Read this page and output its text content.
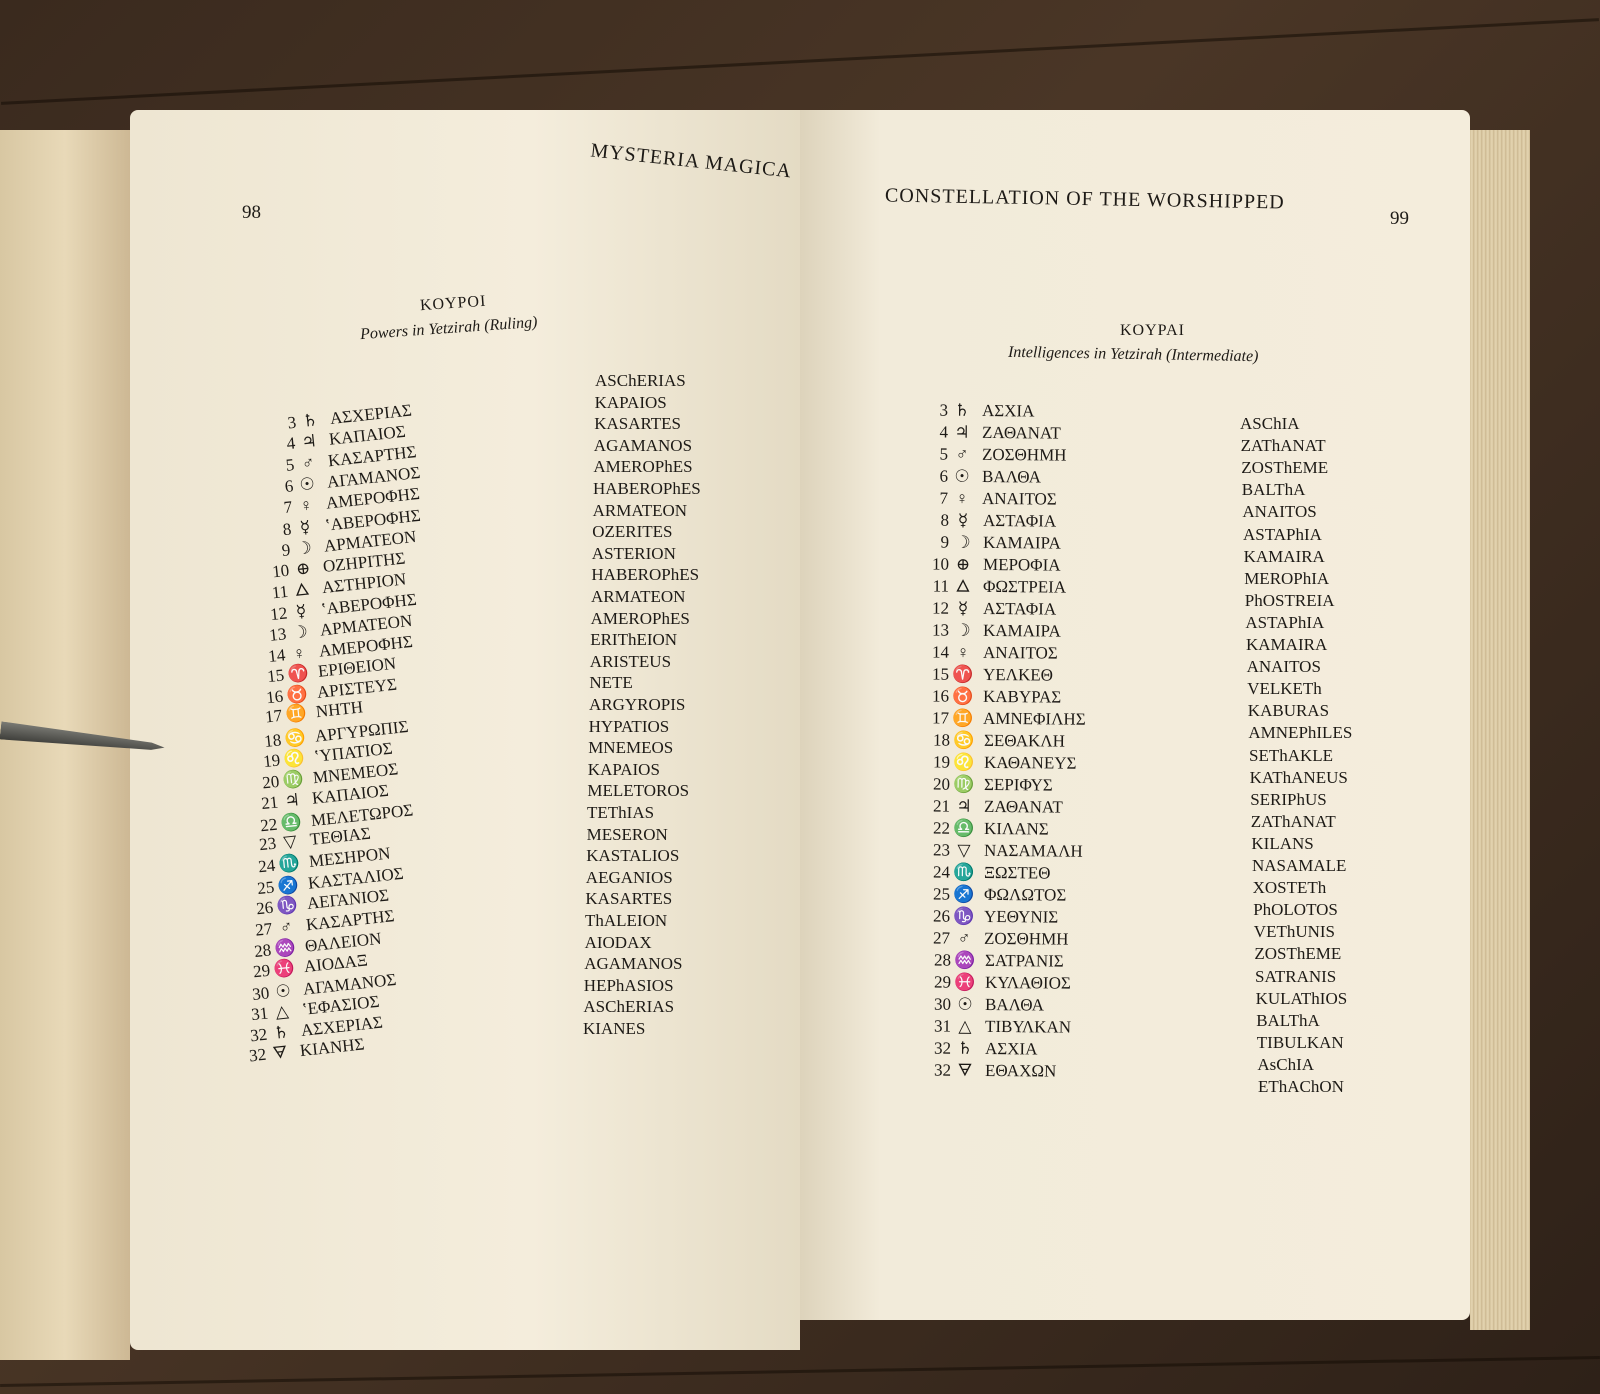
MYSTERIA MAGICA
98
KOΥPOI
Powers in Yetzirah (Ruling)
3 ♄ ΑΣΧΕΡΙΑΣ
ASChERIAS
4 ♃ ΚΑΠΑΙΟΣ
KAPAIOS
5 ♂ ΚΑΣΑΡΤΗΣ
KASARTES
6 ☉ ΑΓΑΜΑΝΟΣ
AGAMANOS
7 ♀ ΑΜΕΡΟΦΗΣ
AMEROPhES
8 ☿ ʽΑΒΕΡΟΦΗΣ
HABEROPhES
9 ☽ ΑΡΜΑΤΕΟΝ
ARMATEON
10 ⊕ ΟΖΗΡΙΤΗΣ
OZERITES
11 🜂 ΑΣΤΗΡΙΟΝ
ASTERION
12 ☿ ʽΑΒΕΡΟΦΗΣ
HABEROPhES
13 ☽ ΑΡΜΑΤΕΟΝ
ARMATEON
14 ♀ ΑΜΕΡΟΦΗΣ
AMEROPhES
15♈ ΕΡΙΘΕΙΟΝ
ERIThEION
16♉ ΑΡΙΣΤΕΥΣ
ARISTEUS
17♊ ΝΗΤΗ
NETE
18♋ ΑΡΓΥΡΩΠΙΣ
ARGYROPIS
19♌ ʽΥΠΑΤΙΟΣ
HYPATIOS
20♍ ΜΝΕΜΕΟΣ
MNEMEOS
21 ♃ ΚΑΠΑΙΟΣ
KAPAIOS
22♎ ΜΕΛΕΤΩΡΟΣ
MELETOROS
23 ▽ ΤΕΘΙΑΣ
TEThIAS
24♏ ΜΕΣΗΡΟΝ
MESERON
25♐ ΚΑΣΤΑΛΙΟΣ
KASTALIOS
26♑ ΑΕΓΑΝΙΟΣ
AEGANIOS
27 ♂ ΚΑΣΑΡΤΗΣ
KASARTES
28♒ ΘΑΛΕΙΟΝ
ThALEION
29♓ ΑΙΟΔΑΞ
AIODAX
30 ☉ ΑΓΑΜΑΝΟΣ
AGAMANOS
31 △ ʽΕΦΑΣΙΟΣ
HEPhASIOS
32 ♄ ΑΣΧΕΡΙΑΣ
ASChERIAS
32 🜃 ΚΙΑΝΗΣ
KIANES
CONSTELLATION OF THE WORSHIPPED
99
KOΥPAI
Intelligences in Yetzirah (Intermediate)
3 ♄ ΑΣΧΙΑ
ASChIA
4 ♃ ΖΑΘΑΝΑΤ
ZAThANAT
5 ♂ ΖΟΣΘΗΜΗ
ZOSThEME
6 ☉ ΒΑΛΘΑ
BALThA
7 ♀ ΑΝΑΙΤΟΣ
ANAITOS
8 ☿ ΑΣΤΑΦΙΑ
ASTAPhIA
9 ☽ ΚΑΜΑΙΡΑ
KAMAIRA
10 ⊕ ΜΕΡΟΦΙΑ
MEROPhIA
11 🜂 ΦΩΣΤΡΕΙΑ
PhOSTREIA
12 ☿ ΑΣΤΑΦΙΑ
ASTAPhIA
13 ☽ ΚΑΜΑΙΡΑ
KAMAIRA
14 ♀ ΑΝΑΙΤΟΣ
ANAITOS
15 ♈ ΥΕΛΚΕΘ
VELKETh
16 ♉ ΚΑΒΥΡΑΣ
KABURAS
17 ♊ ΑΜΝΕΦΙΛΗΣ
AMNEPhILES
18 ♋ ΣΕΘΑΚΛΗ
SEThAKLE
19 ♌ ΚΑΘΑΝΕΥΣ
KAThANEUS
20 ♍ ΣΕΡΙΦΥΣ
SERIPhUS
21 ♃ ΖΑΘΑΝΑΤ
ZAThANAT
22 ♎ ΚΙΛΑΝΣ
KILANS
23 ▽ ΝΑΣΑΜΑΛΗ
NASAMALE
24 ♏ ΞΩΣΤΕΘ
XOSTETh
25 ♐ ΦΩΛΩΤΟΣ
PhOLOTOS
26 ♑ ΥΕΘΥΝΙΣ
VEThUNIS
27 ♂ ΖΟΣΘΗΜΗ
ZOSThEME
28 ♒ ΣΑΤΡΑΝΙΣ
SATRANIS
29 ♓ ΚΥΛΑΘΙΟΣ
KULAThIOS
30 ☉ ΒΑΛΘΑ
BALThA
31 △ ΤΙΒΥΛΚΑΝ
TIBULKAN
32 ♄ ΑΣΧΙΑ
AsChIA
32 🜃 ΕΘΑΧΩΝ
EThAChON
